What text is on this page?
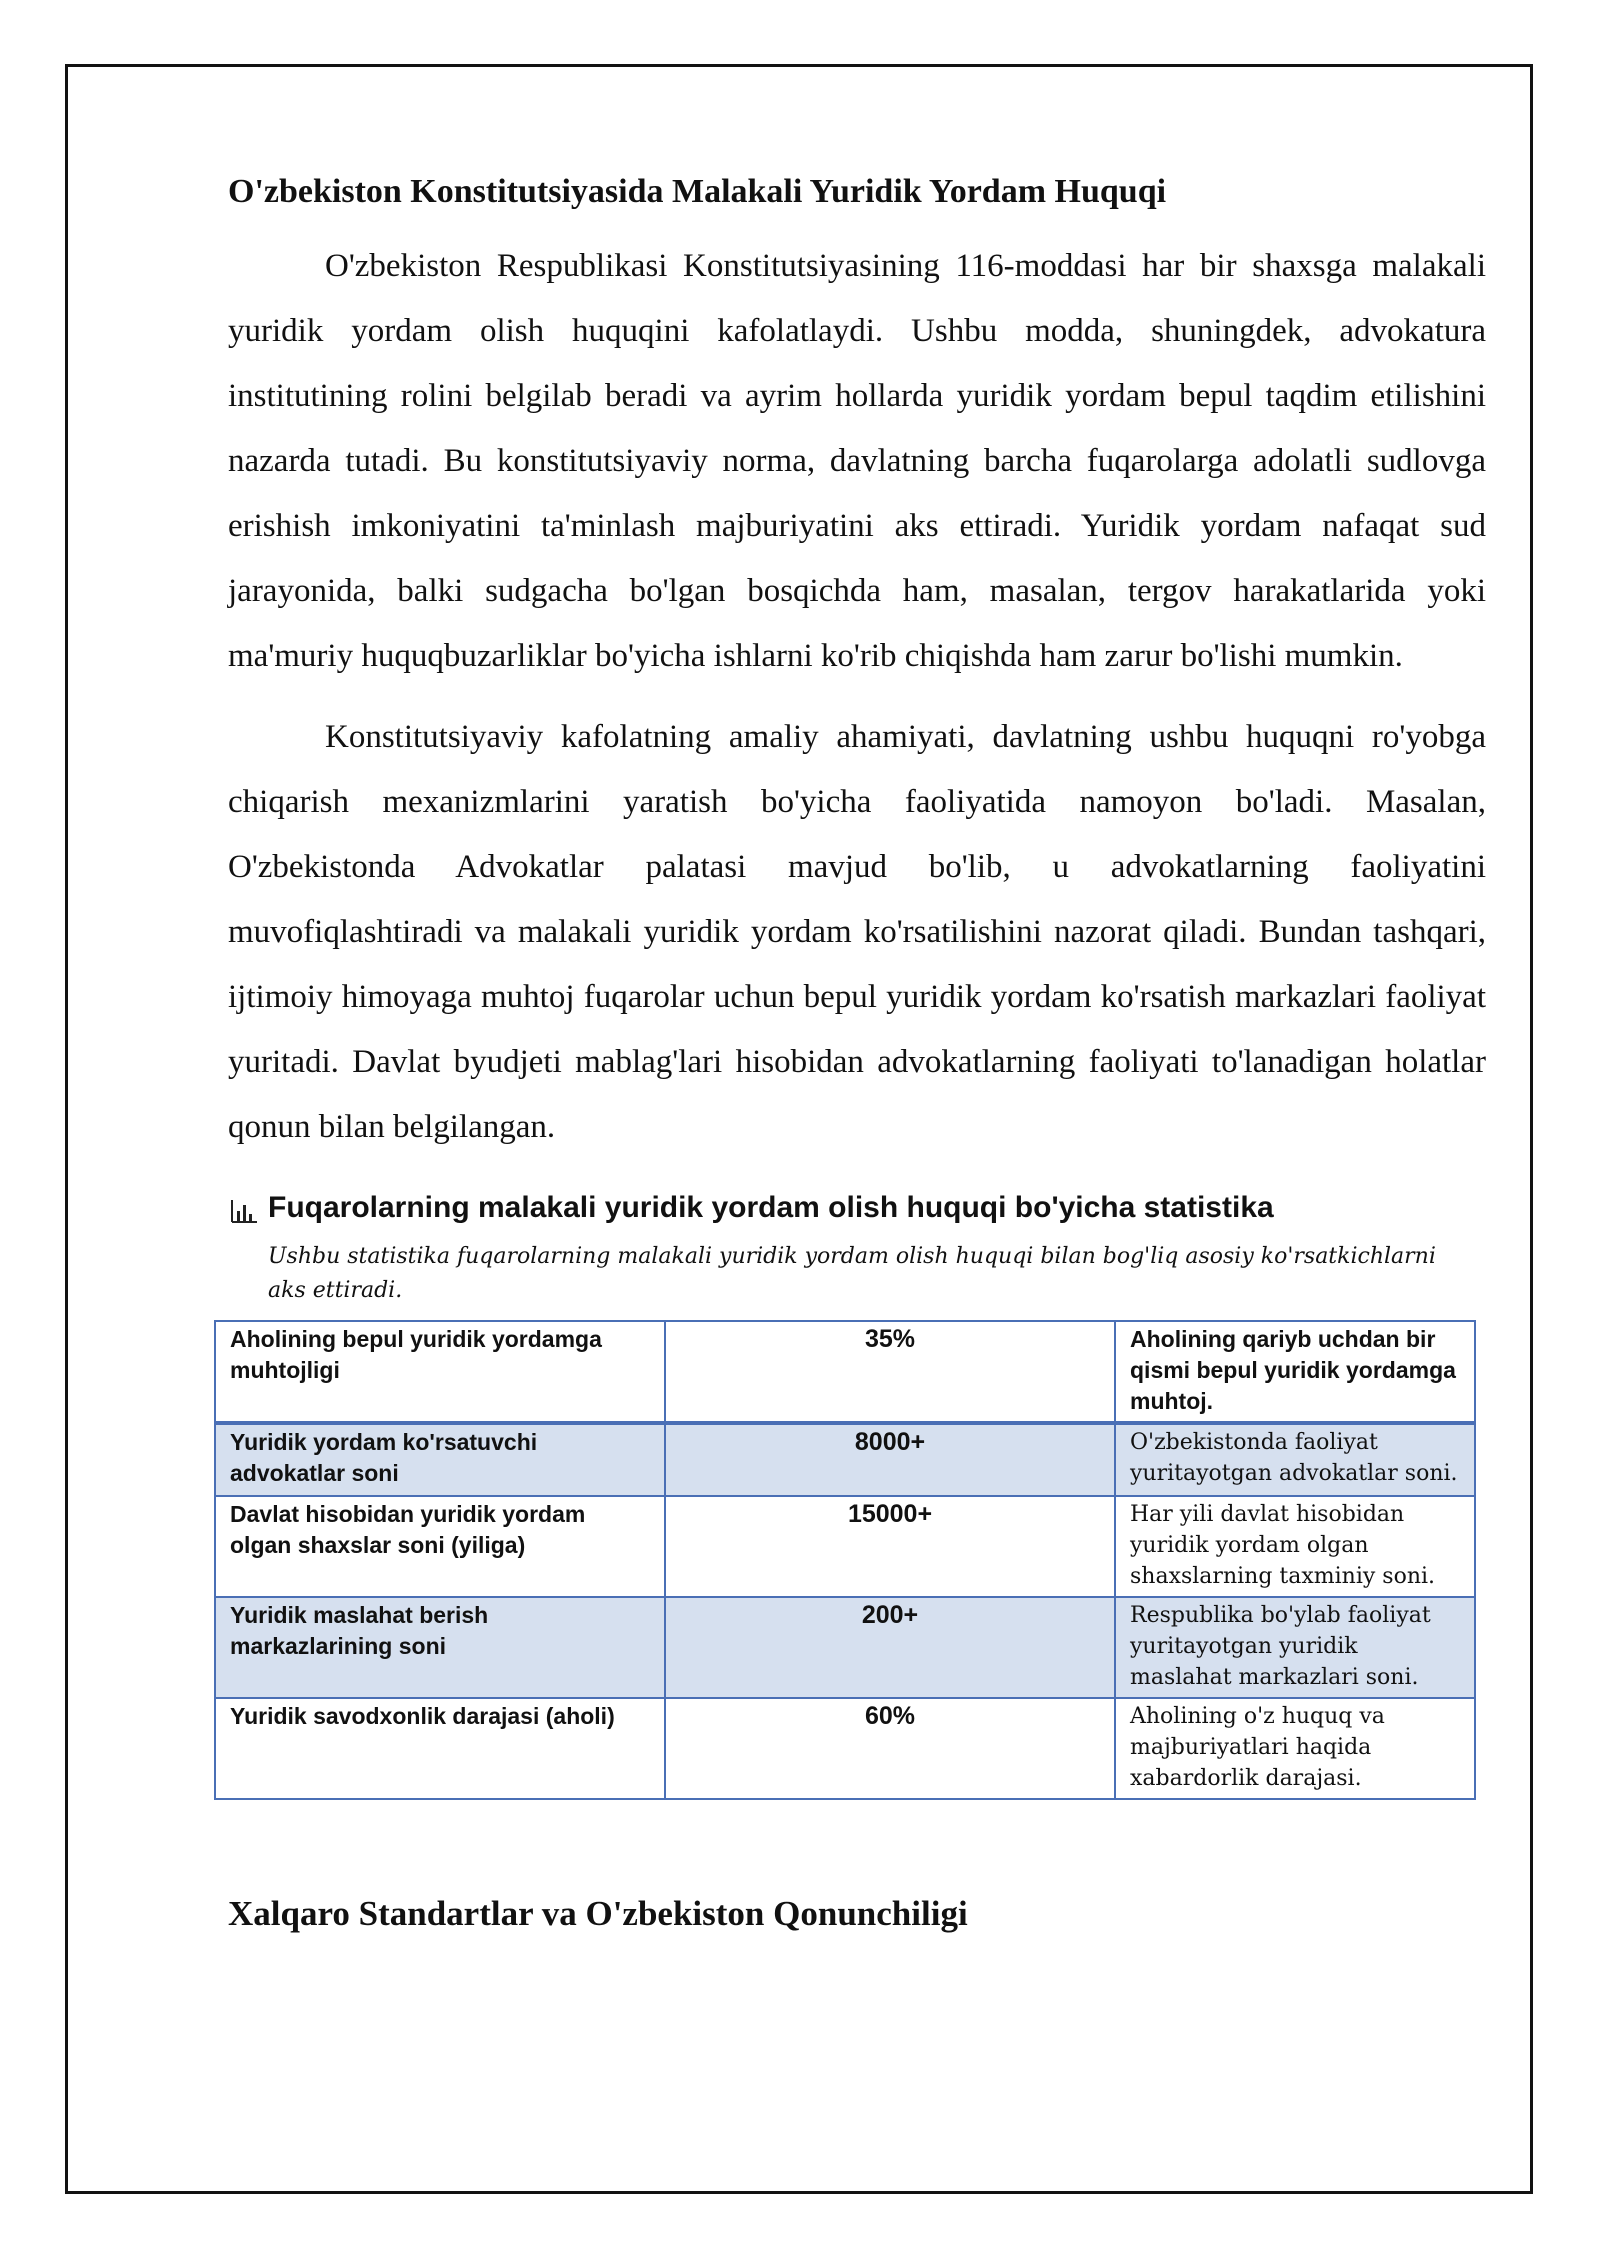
O'zbekiston Konstitutsiyasida Malakali Yuridik Yordam Huquqi

O'zbekiston Respublikasi Konstitutsiyasining 116-moddasi har bir shaxsga malakali yuridik yordam olish huquqini kafolatlaydi. Ushbu modda, shuningdek, advokatura institutining rolini belgilab beradi va ayrim hollarda yuridik yordam bepul taqdim etilishini nazarda tutadi. Bu konstitutsiyaviy norma, davlatning barcha fuqarolarga adolatli sudlovga erishish imkoniyatini ta'minlash majburiyatini aks ettiradi. Yuridik yordam nafaqat sud jarayonida, balki sudgacha bo'lgan bosqichda ham, masalan, tergov harakatlarida yoki ma'muriy huquqbuzarliklar bo'yicha ishlarni ko'rib chiqishda ham zarur bo'lishi mumkin.

Konstitutsiyaviy kafolatning amaliy ahamiyati, davlatning ushbu huquqni ro'yobga chiqarish mexanizmlarini yaratish bo'yicha faoliyatida namoyon bo'ladi. Masalan, O'zbekistonda Advokatlar palatasi mavjud bo'lib, u advokatlarning faoliyatini muvofiqlashtiradi va malakali yuridik yordam ko'rsatilishini nazorat qiladi. Bundan tashqari, ijtimoiy himoyaga muhtoj fuqarolar uchun bepul yuridik yordam ko'rsatish markazlari faoliyat yuritadi. Davlat byudjeti mablag'lari hisobidan advokatlarning faoliyati to'lanadigan holatlar qonun bilan belgilangan.

Fuqarolarning malakali yuridik yordam olish huquqi bo'yicha statistika
Ushbu statistika fuqarolarning malakali yuridik yordam olish huquqi bilan bog'liq asosiy ko'rsatkichlarni aks ettiradi.
Aholining bepul yuridik yordamga muhtojligi	35%	Aholining qariyb uchdan bir qismi bepul yuridik yordamga muhtoj.
Yuridik yordam ko'rsatuvchi advokatlar soni	8000+	O'zbekistonda faoliyat yuritayotgan advokatlar soni.
Davlat hisobidan yuridik yordam olgan shaxslar soni (yiliga)	15000+	Har yili davlat hisobidan yuridik yordam olgan shaxslarning taxminiy soni.
Yuridik maslahat berish markazlarining soni	200+	Respublika bo'ylab faoliyat yuritayotgan yuridik maslahat markazlari soni.
Yuridik savodxonlik darajasi (aholi)	60%	Aholining o'z huquq va majburiyatlari haqida xabardorlik darajasi.
Xalqaro Standartlar va O'zbekiston Qonunchiligi
